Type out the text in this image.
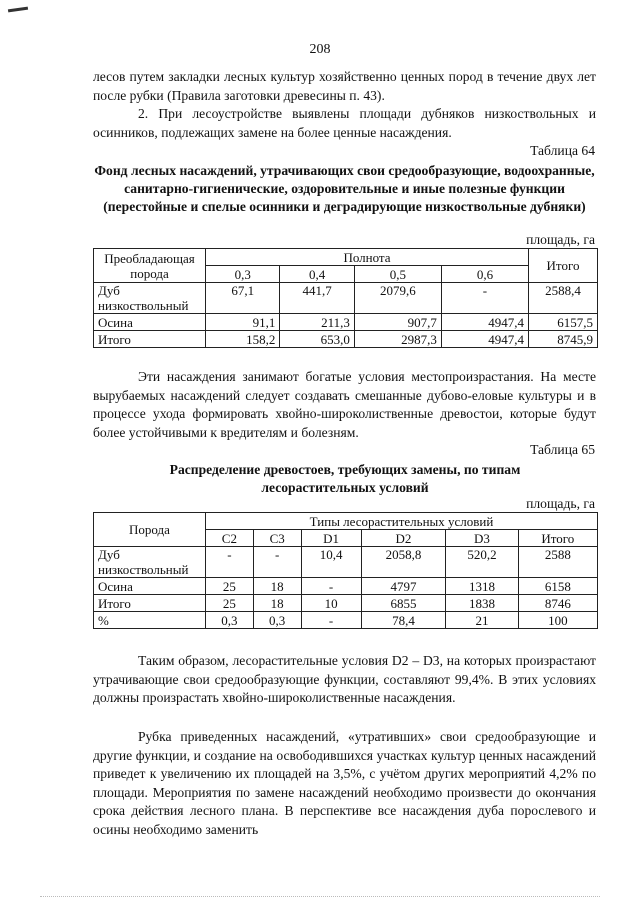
208

лесов путем закладки лесных культур хозяйственно ценных пород в течение двух лет после рубки (Правила заготовки древесины п. 43).

2. При лесоустройстве выявлены площади дубняков низкоствольных и осинников, подлежащих замене на более ценные насаждения.

Таблица 64
Фонд лесных насаждений, утрачивающих свои средообразующие, водоохранные, санитарно-гигиенические, оздоровительные и иные полезные функции (перестойные и спелые осинники и деградирующие низкоствольные дубняки)
площадь, га
Преобладающая порода	Полнота				Итого
	0,3	0,4	0,5	0,6	
Дуб низкоствольный	67,1	441,7	2079,6	-	2588,4
Осина	91,1	211,3	907,7	4947,4	6157,5
Итого	158,2	653,0	2987,3	4947,4	8745,9
Эти насаждения занимают богатые условия местопроизрастания. На месте вырубаемых насаждений следует создавать смешанные дубово-еловые культуры и в процессе ухода формировать хвойно-широколиственные древостои, которые будут более устойчивыми к вредителям и болезням.
Таблица 65
Распределение древостоев, требующих замены, по типам лесорастительных условий
площадь, га
Порода	Типы лесорастительных условий					
	С2	С3	D1	D2	D3	Итого
Дуб низкоствольный	-	-	10,4	2058,8	520,2	2588
Осина	25	18	-	4797	1318	6158
Итого	25	18	10	6855	1838	8746
%	0,3	0,3	-	78,4	21	100
Таким образом, лесорастительные условия D2 – D3, на которых произрастают утрачивающие свои средообразующие функции, составляют 99,4%. В этих условиях должны произрастать хвойно-широколиственные насаждения.
Рубка приведенных насаждений, «утративших» свои средообразующие и другие функции, и создание на освободившихся участках культур ценных насаждений приведет к увеличению их площадей на 3,5%, с учётом других мероприятий 4,2% по площади. Мероприятия по замене насаждений необходимо произвести до окончания срока действия лесного плана. В перспективе все насаждения дуба порослевого и осины необходимо заменить
